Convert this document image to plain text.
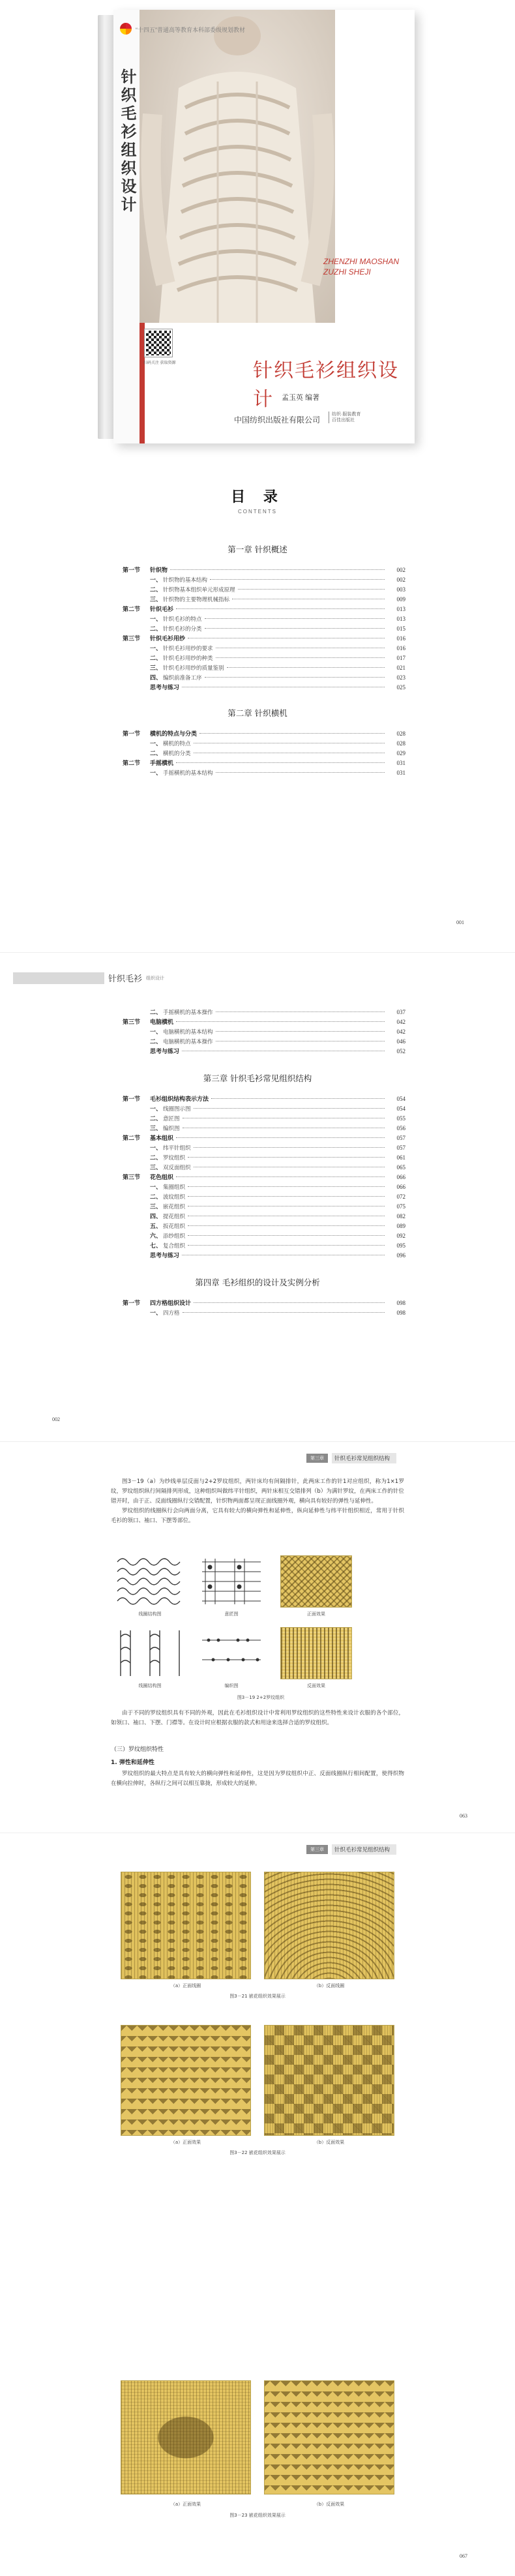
“十四五”普通高等教育本科部委级规划教材
针织毛衫组织设计
ZHENZHI MAOSHAN
ZUZHI SHEJI
扫码关注 获取资源	针织毛衫组织设计	孟玉英 编著
中国纺织出版社有限公司
纺织·服装教育
百佳出版社
目 录
CONTENTS
第一章 针织概述
第一节	针织物	002
一、 针织物的基本结构	002
二、 针织物基本组织单元形成原理	003
三、 针织物的主要物理机械指标	009
第二节	针织毛衫	013
一、 针织毛衫的特点	013
二、 针织毛衫的分类	015
第三节	针织毛衫用纱	016
一、 针织毛衫用纱的要求	016
二、 针织毛衫用纱的种类	017
三、 针织毛衫用纱的质量鉴别	021
四、 编织前准备工序	023
思考与练习	025
第二章 针织横机
第一节	横机的特点与分类	028
一、 横机的特点	028
二、 横机的分类	029
第二节	手摇横机	031
一、 手摇横机的基本结构	031
001
针织毛衫 组织设计
二、 手摇横机的基本操作	037
第三节	电脑横机	042
一、 电脑横机的基本结构	042
二、 电脑横机的基本操作	046
思考与练习	052
第三章 针织毛衫常见组织结构
第一节	毛衫组织结构表示方法	054
一、 线圈图示图	054
二、 意匠图	055
三、 编织图	056
第二节	基本组织	057
一、 纬平针组织	057
二、 罗纹组织	061
三、 双反面组织	065
第三节	花色组织	066
一、 集圈组织	066
二、 波纹组织	072
三、 嵌花组织	075
四、 提花组织	082
五、 扳花组织	089
六、 添纱组织	092
七、 复合组织	095
思考与练习	096
第四章 毛衫组织的设计及实例分析
第一节	四方格组织设计	098
一、 四方格	098
002
第三章	针织毛衫常见组织结构
图3－19（a）为纱线单层反面与2+2罗纹组织，两针床均有间隔排针，此两床工作的针1对应组织，称为1×1罗纹，罗纹组织纵行间隔排列形成，这种组织叫做纬平针组织，两针床相互交错排列（b）为满针罗纹，在两床工作的针位错开时，由于正、反面线圈纵行交错配置，针织物两面都呈现正面线圈外观，横向具有较好的弹性与延伸性。
罗纹组织的线圈纵行会向两面分离，它具有较大的横向弹性和延伸性，纵向延伸性与纬平针组织相近，常用于针织毛衫的领口、袖口、下摆等部位。
线圈结构图	意匠图	正面效果
线圈结构图	编织图	反面效果
图3－19 2+2罗纹组织
由于不同的罗纹组织具有不同的外观，因此在毛衫组织设计中常利用罗纹组织的这些特性来设计衣服的各个部位，如领口、袖口、下摆、门襟等。在设计时应根据衣服的款式和用途来选择合适的罗纹组织。
（三）罗纹组织特性
1. 弹性和延伸性
罗纹组织的最大特点是具有较大的横向弹性和延伸性，这是因为罗纹组织中正、反面线圈纵行相间配置，使得织物在横向拉伸时，各纵行之间可以相互靠拢，形成较大的延伸。
063
第三章	针织毛衫常见组织结构
（a）正面线圈	（b）反面线圈
图3－21 嵌花组织效果展示
（a）正面效果	（b）反面效果
图3－22 嵌花组织效果展示
（a）正面效果	（b）反面效果
图3－23 嵌花组织效果展示
067
